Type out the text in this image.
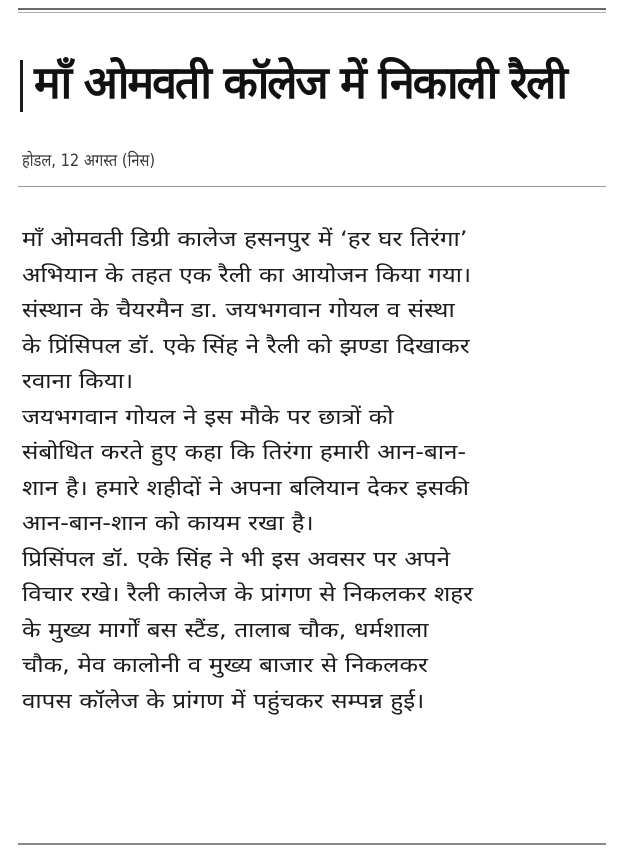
माँ ओमवती कॉलेज में निकाली रैली
होडल, 12 अगस्त (निस)
माँ ओमवती डिग्री कालेज हसनपुर में ‘हर घर तिरंगा’
अभियान के तहत एक रैली का आयोजन किया गया।
संस्थान के चैयरमैन डा. जयभगवान गोयल व संस्था
के प्रिंसिपल डॉ. एके सिंह ने रैली को झण्डा दिखाकर
रवाना किया।
जयभगवान गोयल ने इस मौके पर छात्रों को
संबोधित करते हुए कहा कि तिरंगा हमारी आन-बान-
शान है। हमारे शहीदों ने अपना बलियान देकर इसकी
आन-बान-शान को कायम रखा है।
प्रिसिंपल डॉ. एके सिंह ने भी इस अवसर पर अपने
विचार रखे। रैली कालेज के प्रांगण से निकलकर शहर
के मुख्य मार्गों बस स्टैंड, तालाब चौक, धर्मशाला
चौक, मेव कालोनी व मुख्य बाजार से निकलकर
वापस कॉलेज के प्रांगण में पहुंचकर सम्पन्न हुई।
